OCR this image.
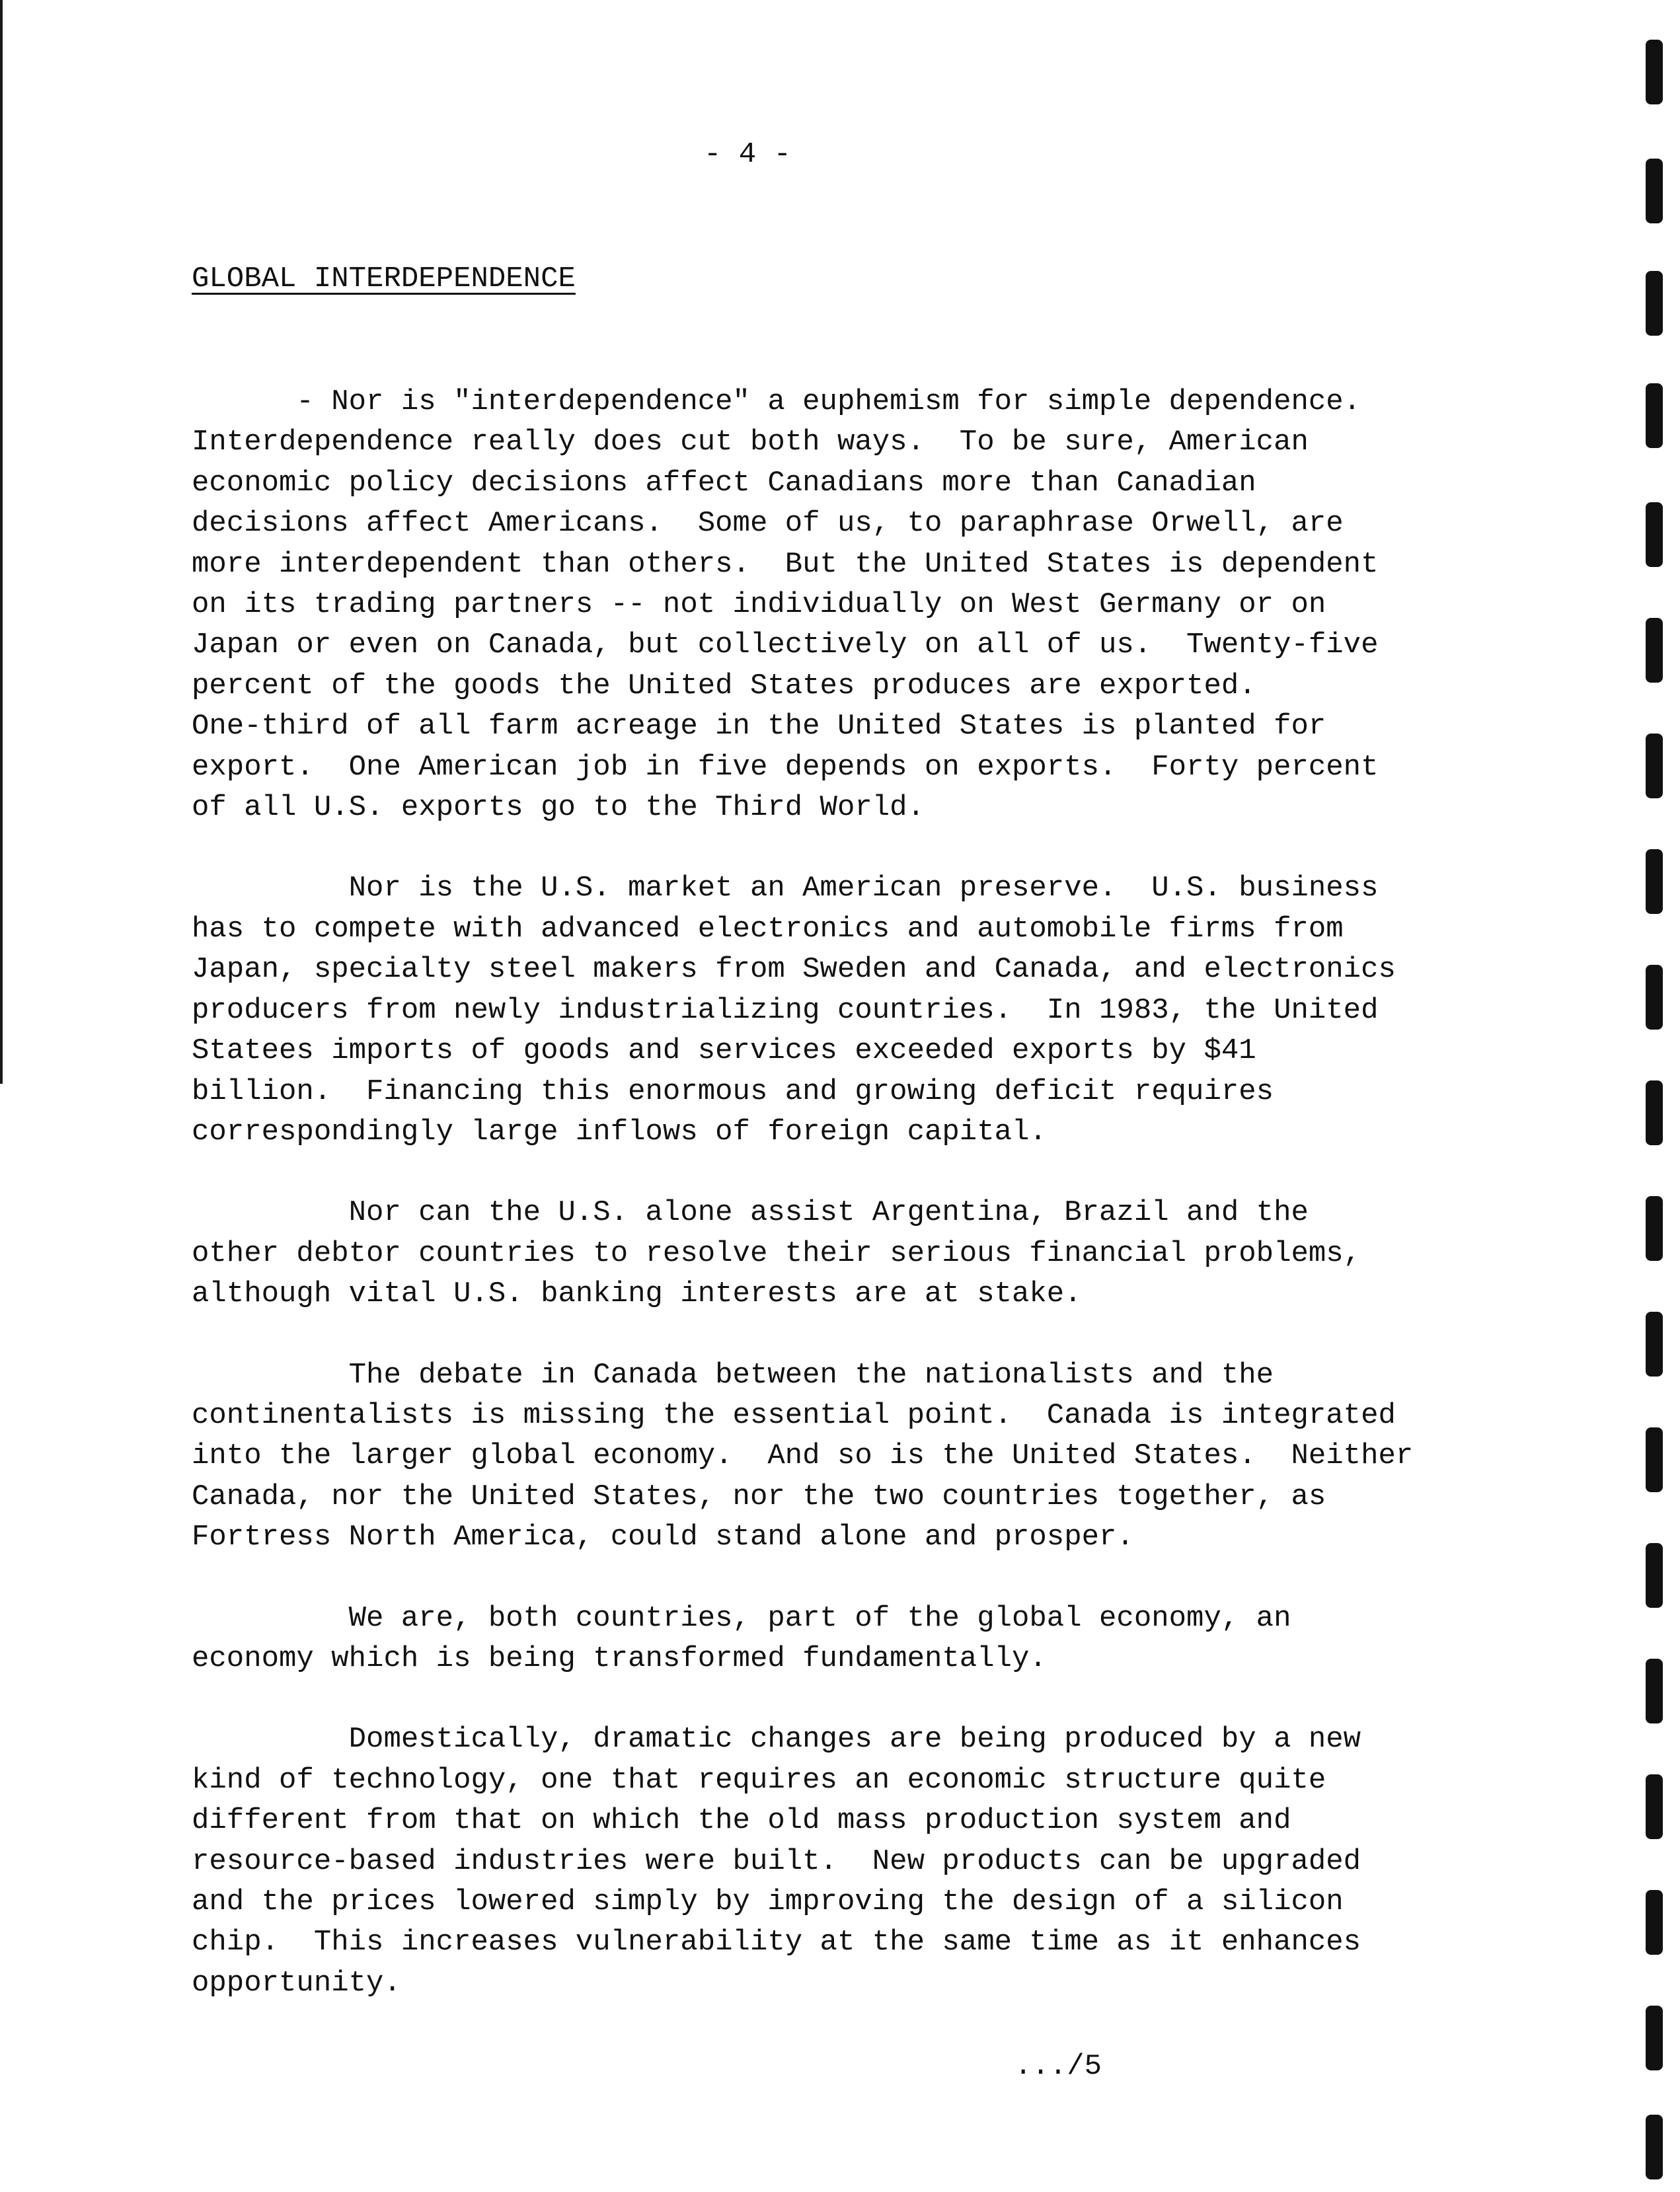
- 4 -
GLOBAL INTERDEPENDENCE

- Nor is "interdependence" a euphemism for simple dependence.
Interdependence really does cut both ways.  To be sure, American
economic policy decisions affect Canadians more than Canadian
decisions affect Americans.  Some of us, to paraphrase Orwell, are
more interdependent than others.  But the United States is dependent
on its trading partners -- not individually on West Germany or on
Japan or even on Canada, but collectively on all of us.  Twenty-five
percent of the goods the United States produces are exported.
One-third of all farm acreage in the United States is planted for
export.  One American job in five depends on exports.  Forty percent
of all U.S. exports go to the Third World.

Nor is the U.S. market an American preserve.  U.S. business
has to compete with advanced electronics and automobile firms from
Japan, specialty steel makers from Sweden and Canada, and electronics
producers from newly industrializing countries.  In 1983, the United
Statees imports of goods and services exceeded exports by $41
billion.  Financing this enormous and growing deficit requires
correspondingly large inflows of foreign capital.

Nor can the U.S. alone assist Argentina, Brazil and the
other debtor countries to resolve their serious financial problems,
although vital U.S. banking interests are at stake.

The debate in Canada between the nationalists and the
continentalists is missing the essential point.  Canada is integrated
into the larger global economy.  And so is the United States.  Neither
Canada, nor the United States, nor the two countries together, as
Fortress North America, could stand alone and prosper.

We are, both countries, part of the global economy, an
economy which is being transformed fundamentally.

Domestically, dramatic changes are being produced by a new
kind of technology, one that requires an economic structure quite
different from that on which the old mass production system and
resource-based industries were built.  New products can be upgraded
and the prices lowered simply by improving the design of a silicon
chip.  This increases vulnerability at the same time as it enhances
opportunity.

.../5
